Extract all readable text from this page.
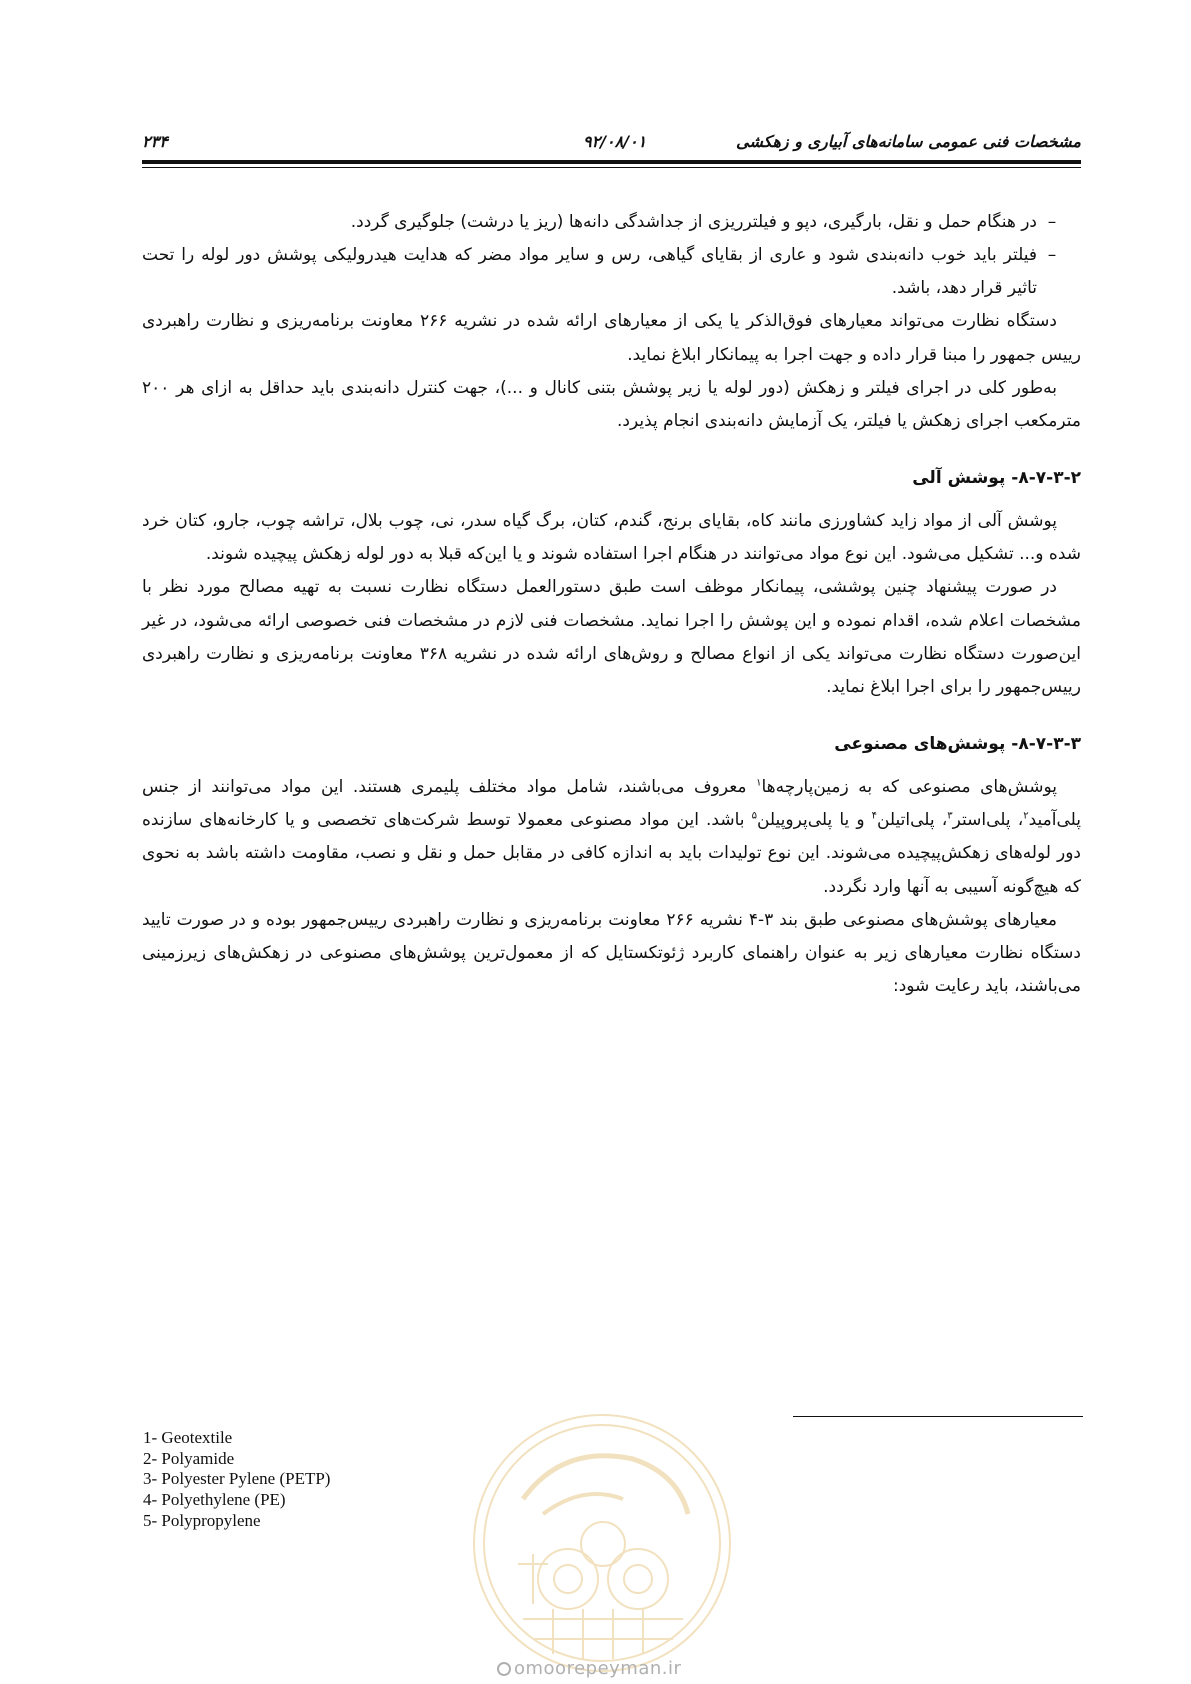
مشخصات فنی عمومی سامانه‌های آبیاری و زهکشی
۹۲/۰۸/۰۱
۲۳۴
–
در هنگام حمل و نقل، بارگیری، دپو و فیلترریزی از جداشدگی دانه‌ها (ریز یا درشت) جلوگیری گردد.
–
فیلتر باید خوب دانه‌بندی شود و عاری از بقایای گیاهی، رس و سایر مواد مضر که هدایت هیدرولیکی پوشش دور لوله را تحت تاثیر قرار دهد، باشد.

دستگاه نظارت می‌تواند معیارهای فوق‌الذکر یا یکی از معیارهای ارائه شده در نشریه ۲۶۶ معاونت برنامه‌ریزی و نظارت راهبردی رییس جمهور را مبنا قرار داده و جهت اجرا به پیمانکار ابلاغ نماید.

به‌طور کلی در اجرای فیلتر و زهکش (دور لوله یا زیر پوشش بتنی کانال و ...)، جهت کنترل دانه‌بندی باید حداقل به ازای هر ۲۰۰ مترمکعب اجرای زهکش یا فیلتر، یک آزمایش دانه‌بندی انجام پذیرد.

۸-۷-۳-۲- پوشش آلی

پوشش آلی از مواد زاید کشاورزی مانند کاه، بقایای برنج، گندم، کتان، برگ گیاه سدر، نی، چوب بلال، تراشه چوب، جارو، کتان خرد شده و... تشکیل می‌شود. این نوع مواد می‌توانند در هنگام اجرا استفاده شوند و یا این‌که قبلا به دور لوله زهکش پیچیده شوند.

در صورت پیشنهاد چنین پوششی، پیمانکار موظف است طبق دستورالعمل دستگاه نظارت نسبت به تهیه مصالح مورد نظر با مشخصات اعلام شده، اقدام نموده و این پوشش را اجرا نماید. مشخصات فنی لازم در مشخصات فنی خصوصی ارائه می‌شود، در غیر این‌صورت دستگاه نظارت می‌تواند یکی از انواع مصالح و روش‌های ارائه شده در نشریه ۳۶۸ معاونت برنامه‌ریزی و نظارت راهبردی رییس‌جمهور را برای اجرا ابلاغ نماید.

۸-۷-۳-۳- پوشش‌های مصنوعی

پوشش‌های مصنوعی که به زمین‌پارچه‌ها$^۱$ معروف می‌باشند، شامل مواد مختلف پلیمری هستند. این مواد می‌توانند از جنس پلی‌آمید$^۲$، پلی‌استر$^۳$، پلی‌اتیلن$^۴$ و یا پلی‌پروپیلن$^۵$ باشد. این مواد مصنوعی معمولا توسط شرکت‌های تخصصی و یا کارخانه‌های سازنده دور لوله‌های زهکش‌پیچیده می‌شوند. این نوع تولیدات باید به اندازه کافی در مقابل حمل و نقل و نصب، مقاومت داشته باشد به نحوی که هیچ‌گونه آسیبی به آنها وارد نگردد.

معیارهای پوشش‌های مصنوعی طبق بند ۳-۴ نشریه ۲۶۶ معاونت برنامه‌ریزی و نظارت راهبردی رییس‌جمهور بوده و در صورت تایید دستگاه نظارت معیارهای زیر به عنوان راهنمای کاربرد ژئوتکستایل که از معمول‌ترین پوشش‌های مصنوعی در زهکش‌های زیرزمینی می‌باشند، باید رعایت شود:

1- Geotextile
2- Polyamide
3- Polyester Pylene (PETP)
4- Polyethylene (PE)
5- Polypropylene
omoorepeyman.ir
